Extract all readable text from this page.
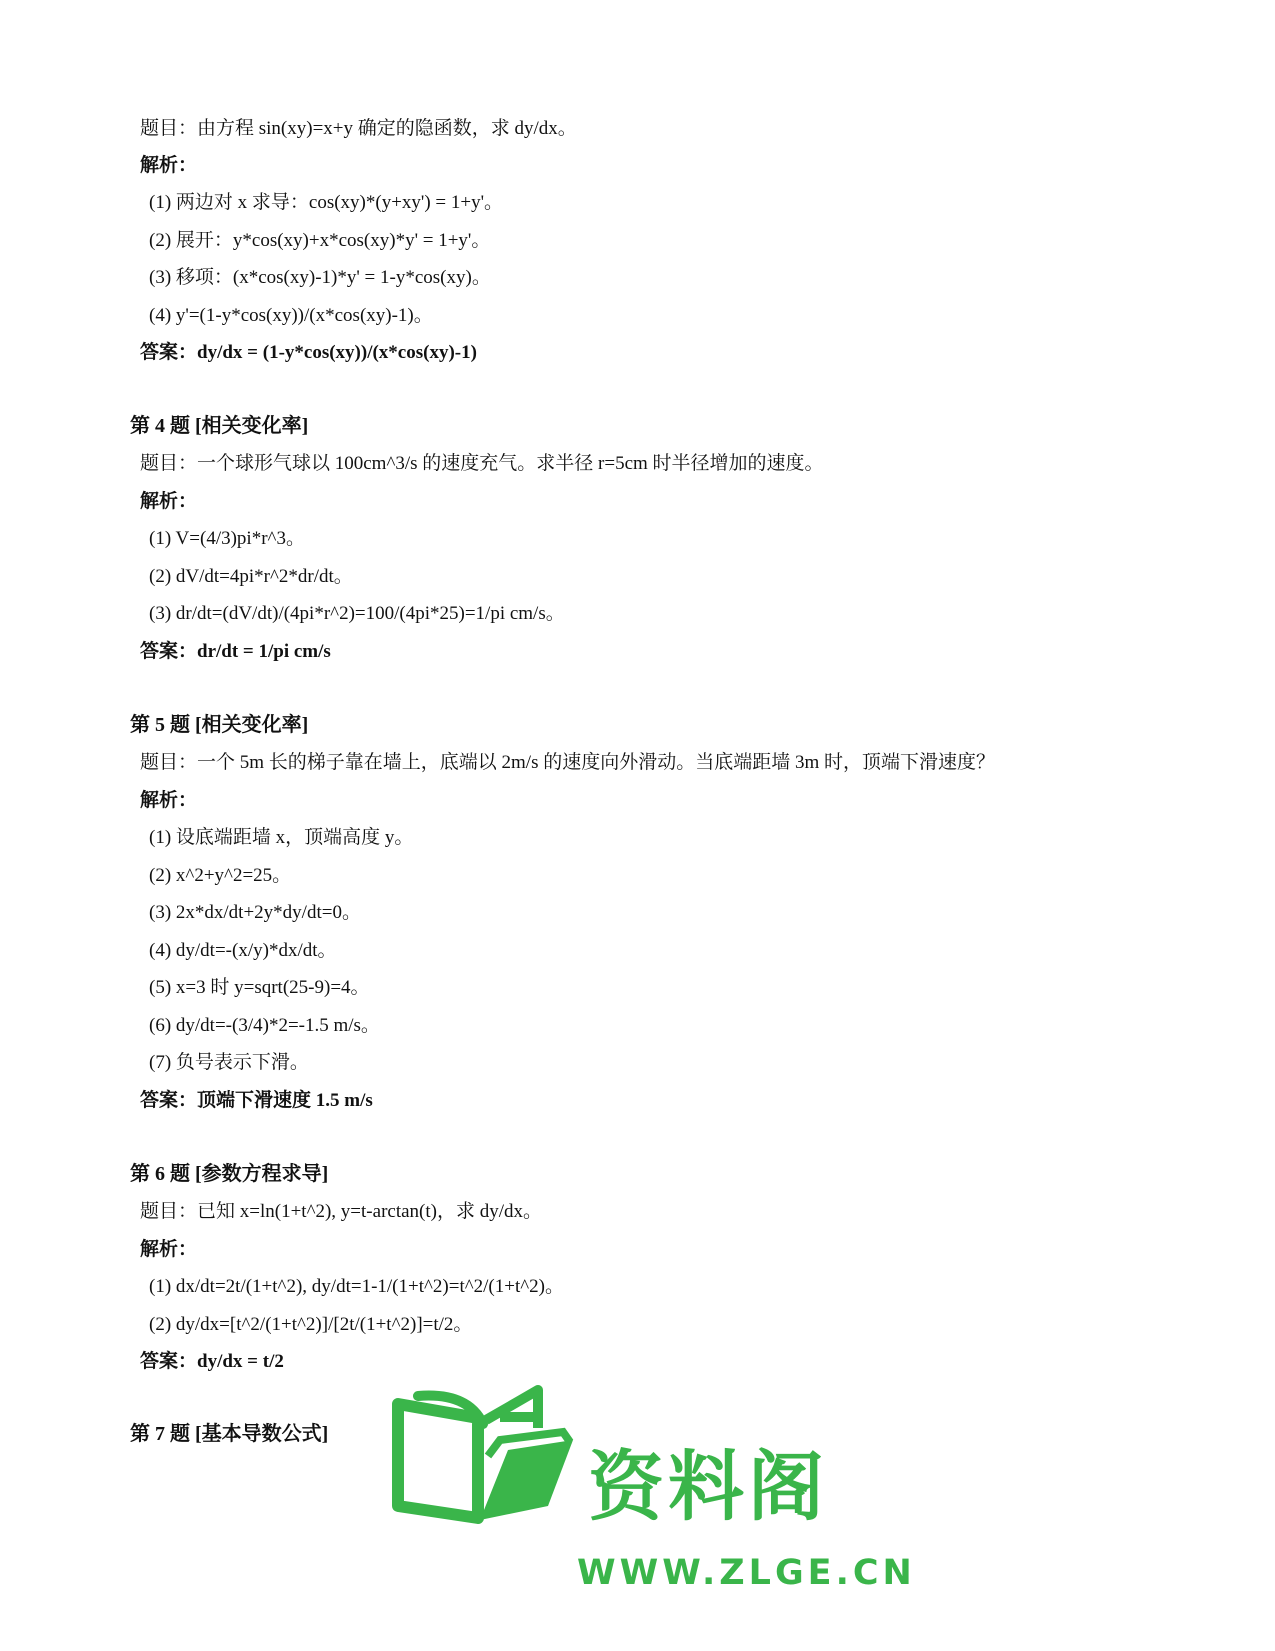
题目：由方程 sin(xy)=x+y 确定的隐函数，求 dy/dx。
解析：
(1) 两边对 x 求导：cos(xy)*(y+xy') = 1+y'。
(2) 展开：y*cos(xy)+x*cos(xy)*y' = 1+y'。
(3) 移项：(x*cos(xy)-1)*y' = 1-y*cos(xy)。
(4) y'=(1-y*cos(xy))/(x*cos(xy)-1)。
答案：dy/dx = (1-y*cos(xy))/(x*cos(xy)-1)
第 4 题 [相关变化率]
题目：一个球形气球以 100cm^3/s 的速度充气。求半径 r=5cm 时半径增加的速度。
解析：
(1) V=(4/3)pi*r^3。
(2) dV/dt=4pi*r^2*dr/dt。
(3) dr/dt=(dV/dt)/(4pi*r^2)=100/(4pi*25)=1/pi cm/s。
答案：dr/dt = 1/pi cm/s
第 5 题 [相关变化率]
题目：一个 5m 长的梯子靠在墙上，底端以 2m/s 的速度向外滑动。当底端距墙 3m 时，顶端下滑速度？
解析：
(1) 设底端距墙 x，顶端高度 y。
(2) x^2+y^2=25。
(3) 2x*dx/dt+2y*dy/dt=0。
(4) dy/dt=-(x/y)*dx/dt。
(5) x=3 时 y=sqrt(25-9)=4。
(6) dy/dt=-(3/4)*2=-1.5 m/s。
(7) 负号表示下滑。
答案：顶端下滑速度 1.5 m/s
第 6 题 [参数方程求导]
题目：已知 x=ln(1+t^2), y=t-arctan(t)，求 dy/dx。
解析：
(1) dx/dt=2t/(1+t^2), dy/dt=1-1/(1+t^2)=t^2/(1+t^2)。
(2) dy/dx=[t^2/(1+t^2)]/[2t/(1+t^2)]=t/2。
答案：dy/dx = t/2
第 7 题 [基本导数公式]
资料阁
WWW.ZLGE.CN
